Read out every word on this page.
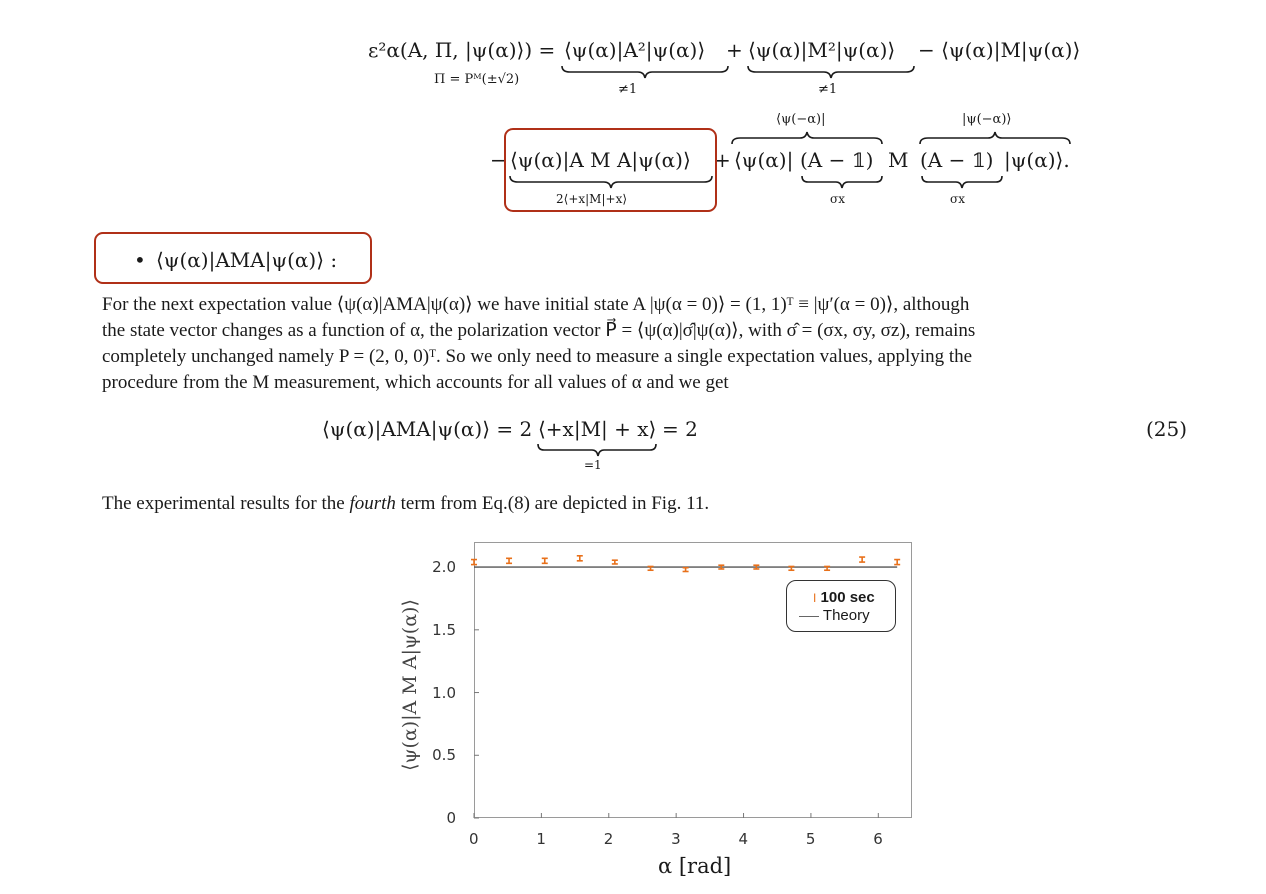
ε²α(A, Π, |ψ(α)⟩) =
Π = Pᴹ(±√2)
⟨ψ(α)|A²|ψ(α)⟩ + ⟨ψ(α)|M²|ψ(α)⟩ − ⟨ψ(α)|M|ψ(α)⟩
≠1	≠1
⟨ψ(−α)|	|ψ(−α)⟩
− ⟨ψ(α)|A M A|ψ(α)⟩ + ⟨ψ(α)| (A − 𝟙) M (A − 𝟙) |ψ(α)⟩.
2⟨+x|M|+x⟩	σx	σx
• ⟨ψ(α)|AMA|ψ(α)⟩ :
For the next expectation value ⟨ψ(α)|AMA|ψ(α)⟩ we have initial state A |ψ(α = 0)⟩ = (1, 1)ᵀ ≡ |ψ′(α = 0)⟩, although
the state vector changes as a function of α, the polarization vector P⃗ = ⟨ψ(α)|σ̂|ψ(α)⟩, with σ̂ = (σx, σy, σz), remains
completely unchanged namely P = (2, 0, 0)ᵀ. So we only need to measure a single expectation values, applying the
procedure from the M measurement, which accounts for all values of α and we get
⟨ψ(α)|AMA|ψ(α)⟩ = 2 ⟨+x|M| + x⟩ = 2
=1
(25)
The experimental results for the fourth term from Eq.(8) are depicted in Fig. 11.
α [rad]
⟨ψ(α)|A M A|ψ(α)⟩
I 100 sec
Theory
0	1	2	3	4	5	6
0
0.5
1.0
1.5
2.0
